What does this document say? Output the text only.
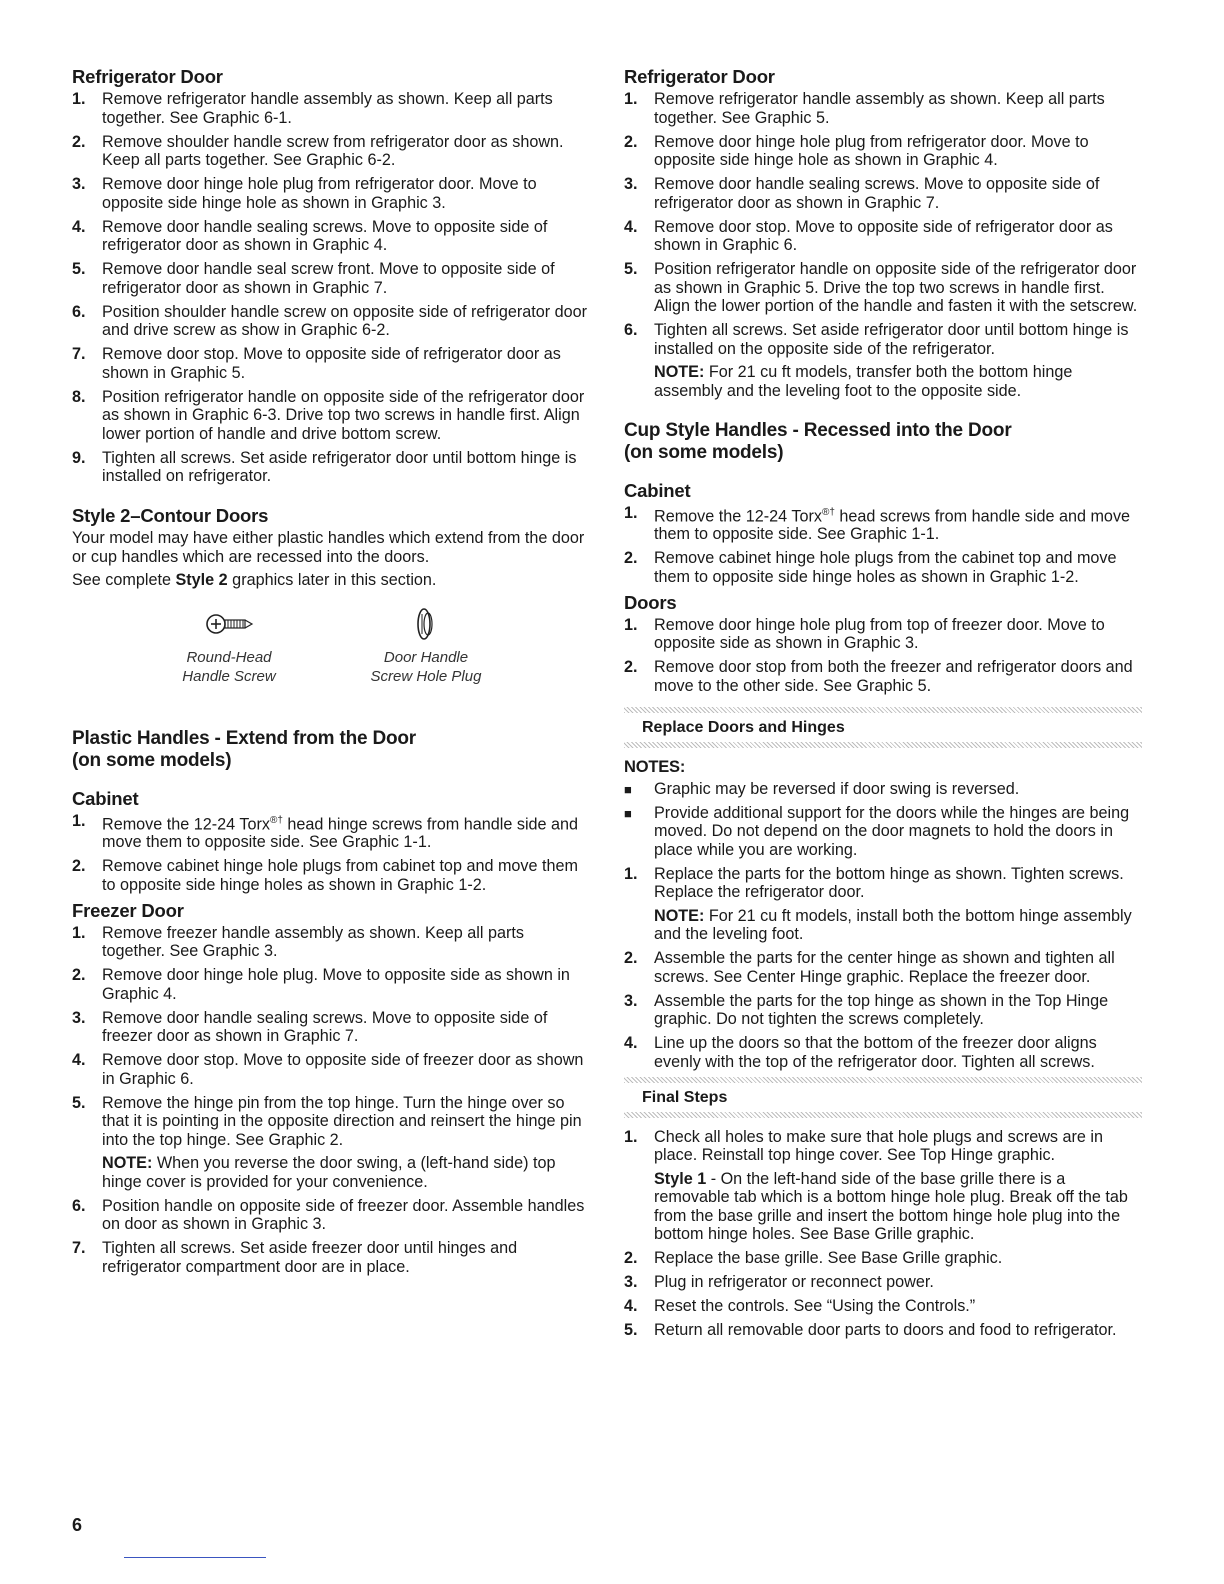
Refrigerator Door
1. Remove refrigerator handle assembly as shown. Keep all parts together. See Graphic 6-1.
2. Remove shoulder handle screw from refrigerator door as shown. Keep all parts together. See Graphic 6-2.
3. Remove door hinge hole plug from refrigerator door. Move to opposite side hinge hole as shown in Graphic 3.
4. Remove door handle sealing screws. Move to opposite side of refrigerator door as shown in Graphic 4.
5. Remove door handle seal screw front. Move to opposite side of refrigerator door as shown in Graphic 7.
6. Position shoulder handle screw on opposite side of refrigerator door and drive screw as show in Graphic 6-2.
7. Remove door stop. Move to opposite side of refrigerator door as shown in Graphic 5.
8. Position refrigerator handle on opposite side of the refrigerator door as shown in Graphic 6-3. Drive top two screws in handle first. Align lower portion of handle and drive bottom screw.
9. Tighten all screws. Set aside refrigerator door until bottom hinge is installed on refrigerator.
Style 2–Contour Doors

Your model may have either plastic handles which extend from the door or cup handles which are recessed into the doors.

See complete Style 2 graphics later in this section.

Round-Head
Handle Screw
Door Handle
Screw Hole Plug
Plastic Handles - Extend from the Door
(on some models)
Cabinet
1. Remove the 12-24 Torx®† head hinge screws from handle side and move them to opposite side. See Graphic 1-1.
2. Remove cabinet hinge hole plugs from cabinet top and move them to opposite side hinge holes as shown in Graphic 1-2.
Freezer Door
1. Remove freezer handle assembly as shown. Keep all parts together. See Graphic 3.
2. Remove door hinge hole plug. Move to opposite side as shown in Graphic 4.
3. Remove door handle sealing screws. Move to opposite side of freezer door as shown in Graphic 7.
4. Remove door stop. Move to opposite side of freezer door as shown in Graphic 6.
5. Remove the hinge pin from the top hinge. Turn the hinge over so that it is pointing in the opposite direction and reinsert the hinge pin into the top hinge. See Graphic 2.
NOTE: When you reverse the door swing, a (left-hand side) top hinge cover is provided for your convenience.
6. Position handle on opposite side of freezer door. Assemble handles on door as shown in Graphic 3.
7. Tighten all screws. Set aside freezer door until hinges and refrigerator compartment door are in place.
Refrigerator Door
1. Remove refrigerator handle assembly as shown. Keep all parts together. See Graphic 5.
2. Remove door hinge hole plug from refrigerator door. Move to opposite side hinge hole as shown in Graphic 4.
3. Remove door handle sealing screws. Move to opposite side of refrigerator door as shown in Graphic 7.
4. Remove door stop. Move to opposite side of refrigerator door as shown in Graphic 6.
5. Position refrigerator handle on opposite side of the refrigerator door as shown in Graphic 5. Drive the top two screws in handle first. Align the lower portion of the handle and fasten it with the setscrew.
6. Tighten all screws. Set aside refrigerator door until bottom hinge is installed on the opposite side of the refrigerator.
NOTE: For 21 cu ft models, transfer both the bottom hinge assembly and the leveling foot to the opposite side.
Cup Style Handles - Recessed into the Door
(on some models)
Cabinet
1. Remove the 12-24 Torx®† head screws from handle side and move them to opposite side. See Graphic 1-1.
2. Remove cabinet hinge hole plugs from the cabinet top and move them to opposite side hinge holes as shown in Graphic 1-2.
Doors
1. Remove door hinge hole plug from top of freezer door. Move to opposite side as shown in Graphic 3.
2. Remove door stop from both the freezer and refrigerator doors and move to the other side. See Graphic 5.
Replace Doors and Hinges
NOTES:
■ Graphic may be reversed if door swing is reversed.
■ Provide additional support for the doors while the hinges are being moved. Do not depend on the door magnets to hold the doors in place while you are working.
1. Replace the parts for the bottom hinge as shown. Tighten screws. Replace the refrigerator door.
NOTE: For 21 cu ft models, install both the bottom hinge assembly and the leveling foot.
2. Assemble the parts for the center hinge as shown and tighten all screws. See Center Hinge graphic. Replace the freezer door.
3. Assemble the parts for the top hinge as shown in the Top Hinge graphic. Do not tighten the screws completely.
4. Line up the doors so that the bottom of the freezer door aligns evenly with the top of the refrigerator door. Tighten all screws.
Final Steps
1. Check all holes to make sure that hole plugs and screws are in place. Reinstall top hinge cover. See Top Hinge graphic.
Style 1 - On the left-hand side of the base grille there is a removable tab which is a bottom hinge hole plug. Break off the tab from the base grille and insert the bottom hinge hole plug into the bottom hinge holes. See Base Grille graphic.
2. Replace the base grille. See Base Grille graphic.
3. Plug in refrigerator or reconnect power.
4. Reset the controls. See “Using the Controls.”
5. Return all removable door parts to doors and food to refrigerator.
6
